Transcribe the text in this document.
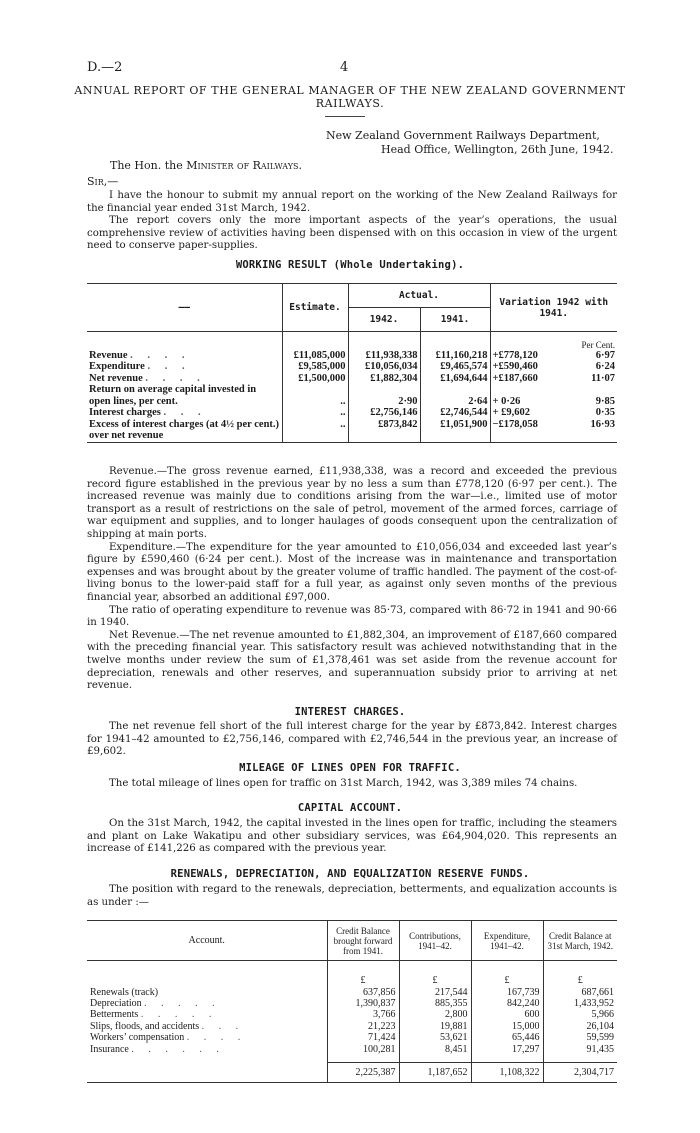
D.—2	4
ANNUAL REPORT OF THE GENERAL MANAGER OF THE NEW ZEALAND GOVERNMENT RAILWAYS.
New Zealand Government Railways Department,
Head Office, Wellington, 26th June, 1942.
The Hon. the Minister of Railways.
Sir,—

I have the honour to submit my annual report on the working of the New Zealand Railways for the financial year ended 31st March, 1942.

The report covers only the more important aspects of the year’s operations, the usual comprehensive review of activities having been dispensed with on this occasion in view of the urgent need to conserve paper-supplies.

WORKING RESULT (Whole Undertaking).
——	Estimate.	Actual.		Variation 1942 with 1941.	
		1942.	1941.		
					Per Cent.
Revenue . . . .	£11,085,000	£11,938,338	£11,160,218	+£778,120	6·97
Expenditure . . .	£9,585,000	£10,056,034	£9,465,574	+£590,460	6·24
Net revenue . . . .	£1,500,000	£1,882,304	£1,694,644	+£187,660	11·07
Return on average capital invested in open lines, per cent.	..	2·90	2·64	+ 0·26	9·85
Interest charges . . .	..	£2,756,146	£2,746,544	+ £9,602	0·35
Excess of interest charges (at 4½ per cent.) over net revenue	..	£873,842	£1,051,900	−£178,058	16·93

Revenue.—The gross revenue earned, £11,938,338, was a record and exceeded the previous record figure established in the previous year by no less a sum than £778,120 (6·97 per cent.). The increased revenue was mainly due to conditions arising from the war—i.e., limited use of motor transport as a result of restrictions on the sale of petrol, movement of the armed forces, carriage of war equipment and supplies, and to longer haulages of goods consequent upon the centralization of shipping at main ports.

Expenditure.—The expenditure for the year amounted to £10,056,034 and exceeded last year’s figure by £590,460 (6·24 per cent.). Most of the increase was in maintenance and transportation expenses and was brought about by the greater volume of traffic handled. The payment of the cost-of-living bonus to the lower-paid staff for a full year, as against only seven months of the previous financial year, absorbed an additional £97,000.

The ratio of operating expenditure to revenue was 85·73, compared with 86·72 in 1941 and 90·66 in 1940.

Net Revenue.—The net revenue amounted to £1,882,304, an improvement of £187,660 compared with the preceding financial year. This satisfactory result was achieved notwithstanding that in the twelve months under review the sum of £1,378,461 was set aside from the revenue account for depreciation, renewals and other reserves, and superannuation subsidy prior to arriving at net revenue.

INTEREST CHARGES.

The net revenue fell short of the full interest charge for the year by £873,842. Interest charges for 1941–42 amounted to £2,756,146, compared with £2,746,544 in the previous year, an increase of £9,602.

MILEAGE OF LINES OPEN FOR TRAFFIC.

The total mileage of lines open for traffic on 31st March, 1942, was 3,389 miles 74 chains.

CAPITAL ACCOUNT.

On the 31st March, 1942, the capital invested in the lines open for traffic, including the steamers and plant on Lake Wakatipu and other subsidiary services, was £64,904,020. This represents an increase of £141,226 as compared with the previous year.

RENEWALS, DEPRECIATION, AND EQUALIZATION RESERVE FUNDS.

The position with regard to the renewals, depreciation, betterments, and equalization accounts is as under :—

Account.	Credit Balance brought forward from 1941.	Contributions, 1941–42.	Expenditure, 1941–42.	Credit Balance at 31st March, 1942.
	£	£	£	£
Renewals (track)	637,856	217,544	167,739	687,661
Depreciation . . . . .	1,390,837	885,355	842,240	1,433,952
Betterments . . . . .	3,766	2,800	600	5,966
Slips, floods, and accidents . . .	21,223	19,881	15,000	26,104
Workers’ compensation . . . .	71,424	53,621	65,446	59,599
Insurance . . . . . .	100,281	8,451	17,297	91,435

	2,225,387	1,187,652	1,108,322	2,304,717
